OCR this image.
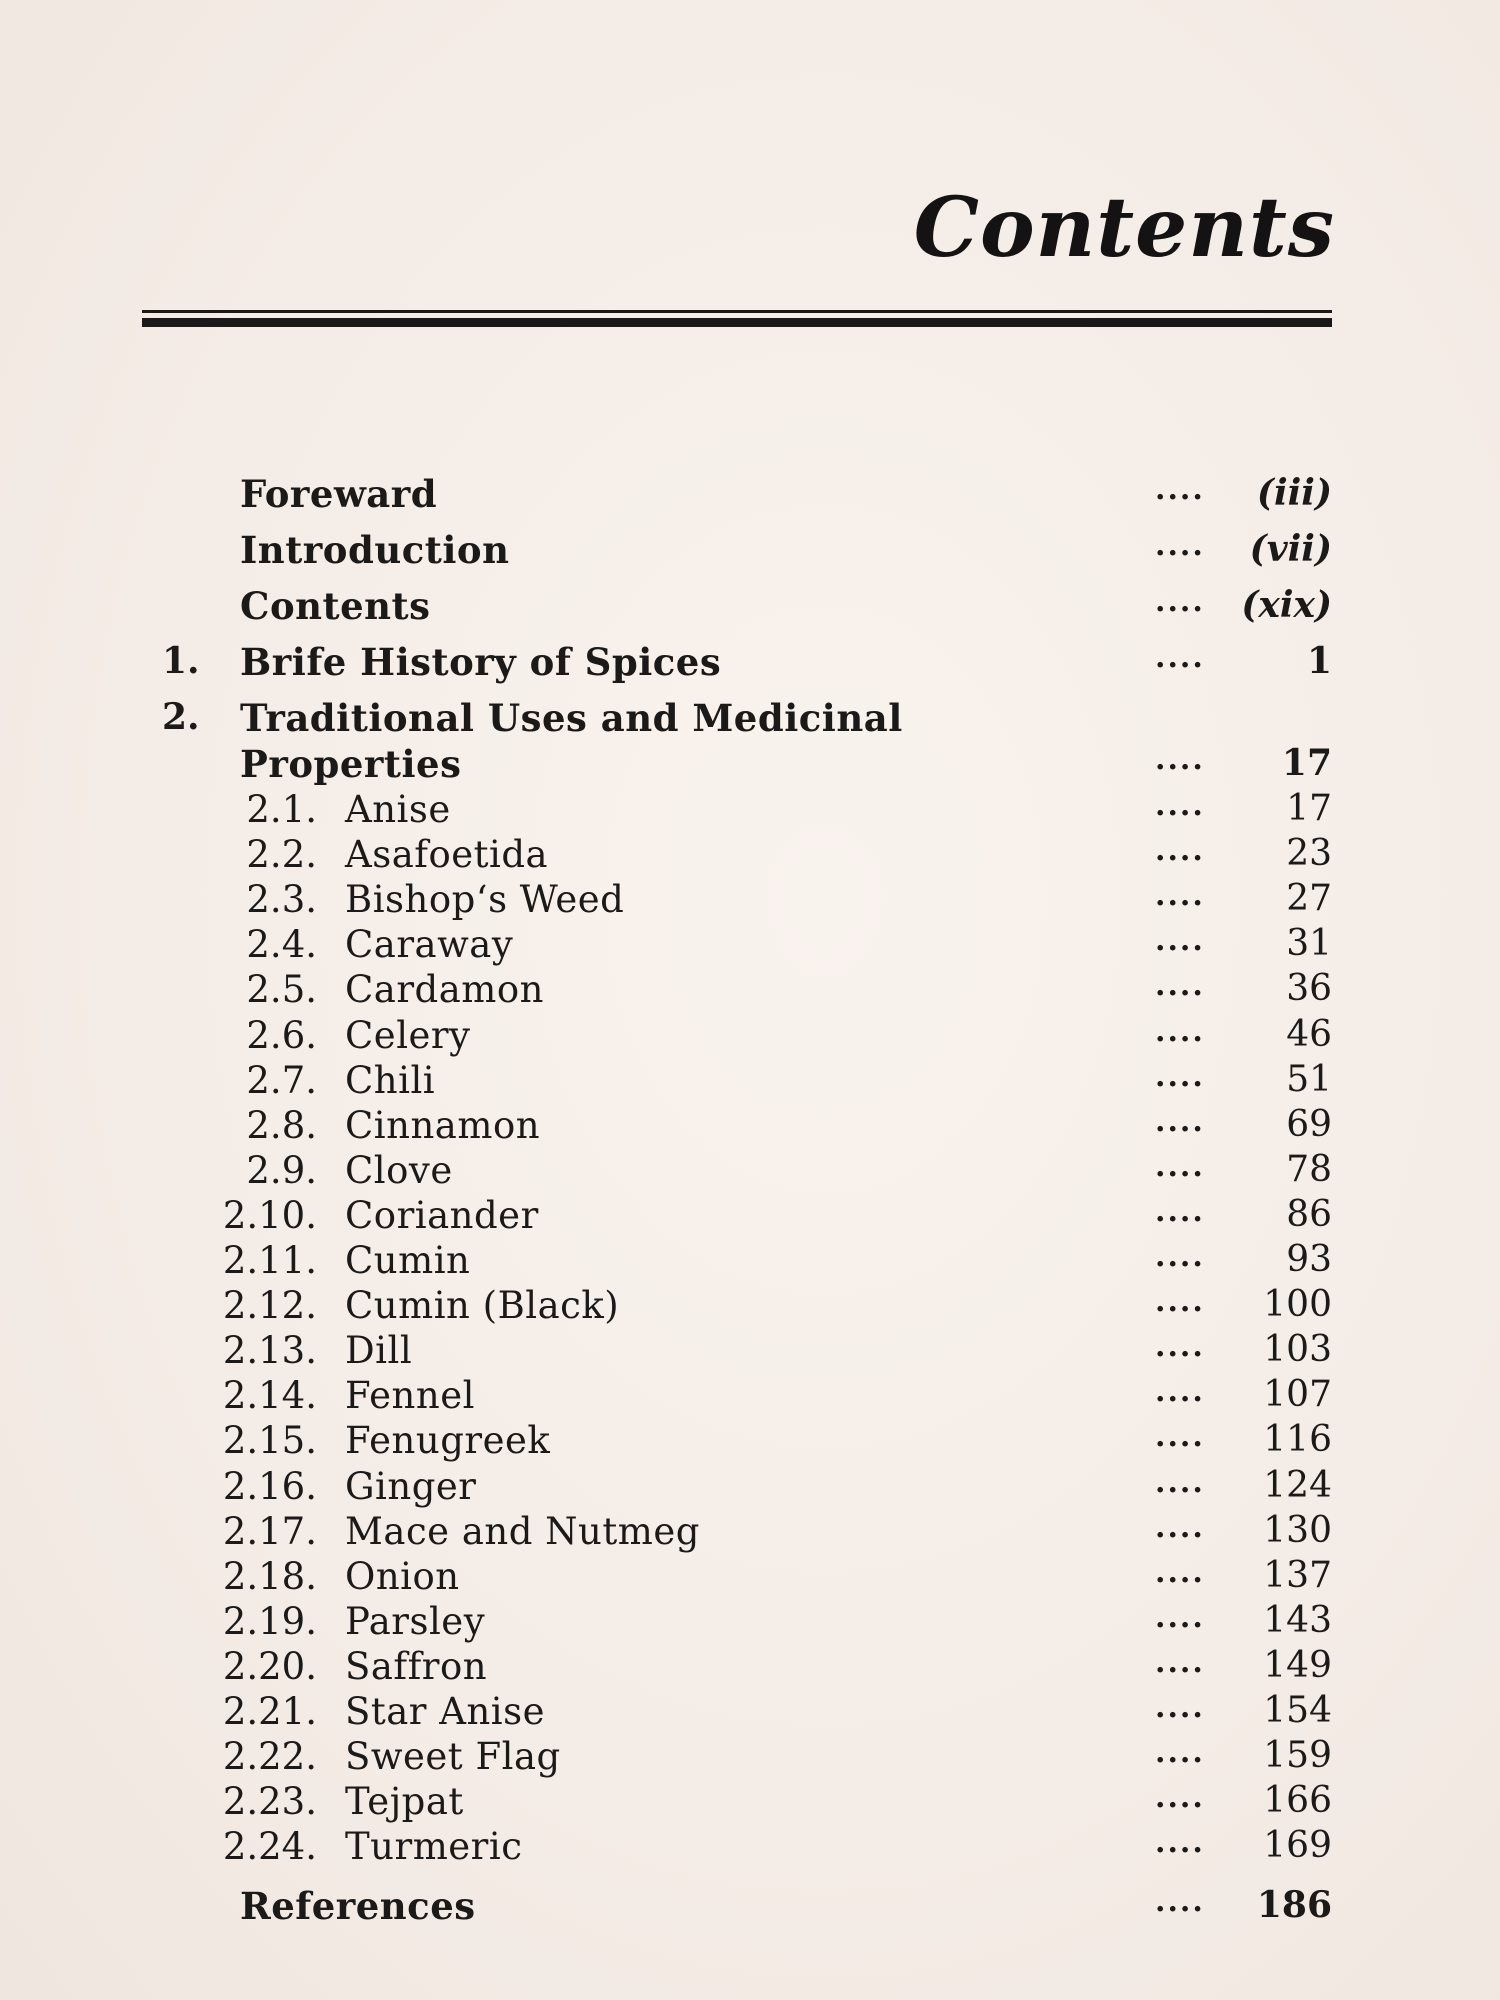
Contents
Foreward	.... (iii)
Introduction	.... (vii)
Contents	.... (xix)
1. Brife History of Spices	....	1
2. Traditional Uses and Medicinal
Properties	.... 17
2.1. Anise	.... 17
2.2. Asafoetida	.... 23
2.3. Bishop‘s Weed	.... 27
2.4. Caraway	.... 31
2.5. Cardamon	.... 36
2.6. Celery	.... 46
2.7. Chili	.... 51
2.8. Cinnamon	.... 69
2.9. Clove	.... 78
2.10. Coriander	.... 86
2.11. Cumin	.... 93
2.12. Cumin (Black)	.... 100
2.13. Dill	.... 103
2.14. Fennel	.... 107
2.15. Fenugreek	.... 116
2.16. Ginger	.... 124
2.17. Mace and Nutmeg	.... 130
2.18. Onion	.... 137
2.19. Parsley	.... 143
2.20. Saffron	.... 149
2.21. Star Anise	.... 154
2.22. Sweet Flag	.... 159
2.23. Tejpat	.... 166
2.24. Turmeric	.... 169
References	.... 186
